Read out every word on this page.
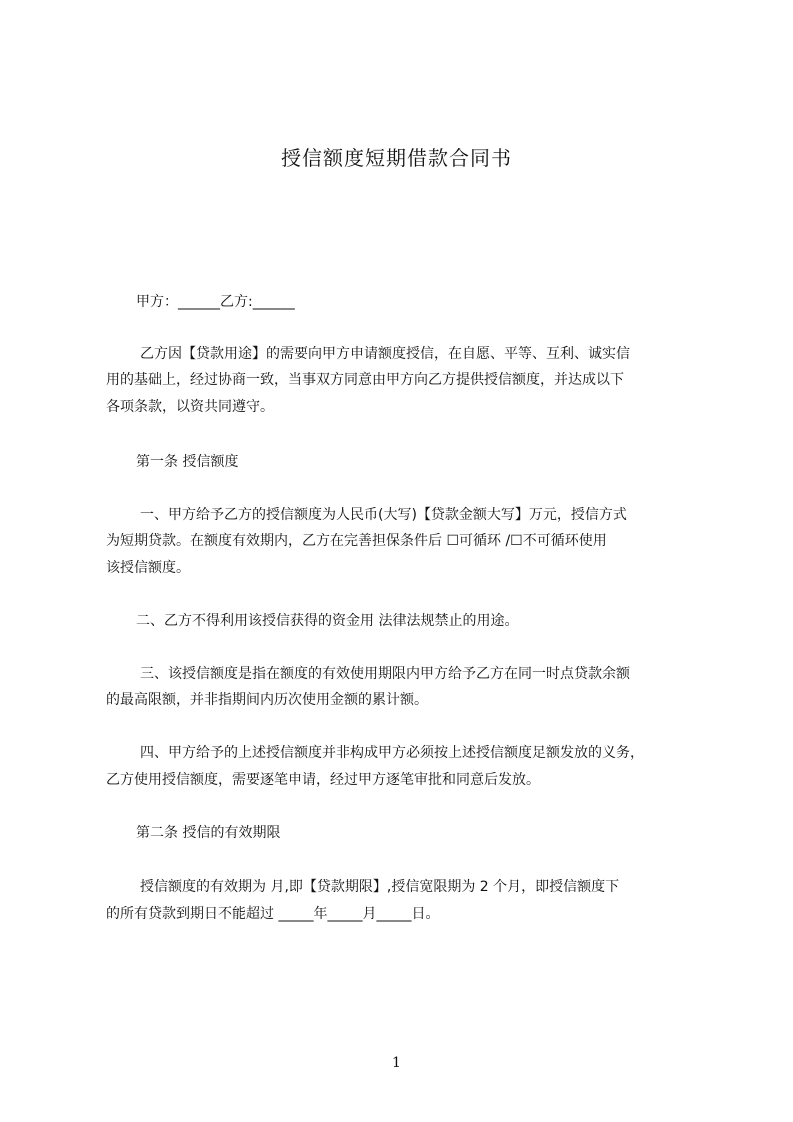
授信额度短期借款合同书
甲方：______乙方:______
乙方因【贷款用途】的需要向甲方申请额度授信，在自愿、平等、互利、诚实信
用的基础上，经过协商一致，当事双方同意由甲方向乙方提供授信额度，并达成以下
各项条款，以资共同遵守。
第一条 授信额度
一、甲方给予乙方的授信额度为人民币(大写)【贷款金额大写】万元，授信方式
为短期贷款。在额度有效期内，乙方在完善担保条件后 ☐可循环 /☐不可循环使用
该授信额度。
二、乙方不得利用该授信获得的资金用 法律法规禁止的用途。
三、该授信额度是指在额度的有效使用期限内甲方给予乙方在同一时点贷款余额
的最高限额，并非指期间内历次使用金额的累计额。
四、甲方给予的上述授信额度并非构成甲方必须按上述授信额度足额发放的义务，
乙方使用授信额度，需要逐笔申请，经过甲方逐笔审批和同意后发放。
第二条 授信的有效期限
授信额度的有效期为 月,即【贷款期限】,授信宽限期为 2 个月，即授信额度下
的所有贷款到期日不能超过 _____年_____月_____日。
1
